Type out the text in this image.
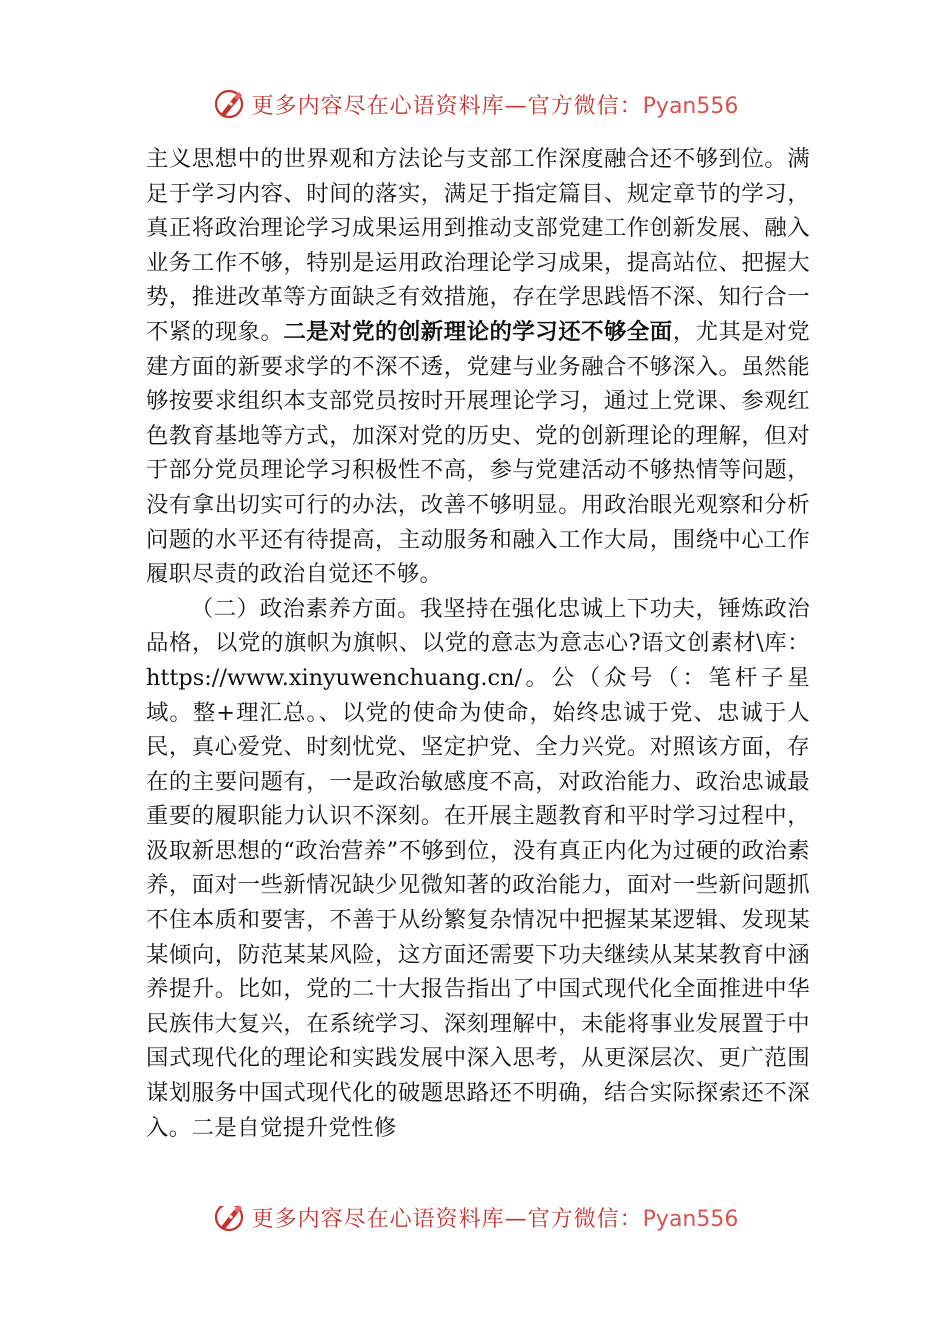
更多内容尽在心语资料库—官方微信：Pyan556

主义思想中的世界观和方法论与支部工作深度融合还不够到位。满足于学习内容、时间的落实，满足于指定篇目、规定章节的学习，真正将政治理论学习成果运用到推动支部党建工作创新发展、融入业务工作不够，特别是运用政治理论学习成果，提高站位、把握大势，推进改革等方面缺乏有效措施，存在学思践悟不深、知行合一不紧的现象。二是对党的创新理论的学习还不够全面，尤其是对党建方面的新要求学的不深不透，党建与业务融合不够深入。虽然能够按要求组织本支部党员按时开展理论学习，通过上党课、参观红色教育基地等方式，加深对党的历史、党的创新理论的理解，但对于部分党员理论学习积极性不高，参与党建活动不够热情等问题，没有拿出切实可行的办法，改善不够明显。用政治眼光观察和分析问题的水平还有待提高，主动服务和融入工作大局，围绕中心工作履职尽责的政治自觉还不够。

（二）政治素养方面。我坚持在强化忠诚上下功夫，锤炼政治品格，以党的旗帜为旗帜、以党的意志为意志心?语文创素材\库：https://www.xinyuwenchuang.cn/。公（众号（：笔杆子星域。整+理汇总。、以党的使命为使命，始终忠诚于党、忠诚于人民，真心爱党、时刻忧党、坚定护党、全力兴党。对照该方面，存在的主要问题有，一是政治敏感度不高，对政治能力、政治忠诚最重要的履职能力认识不深刻。在开展主题教育和平时学习过程中，汲取新思想的“政治营养”不够到位，没有真正内化为过硬的政治素养，面对一些新情况缺少见微知著的政治能力，面对一些新问题抓不住本质和要害，不善于从纷繁复杂情况中把握某某逻辑、发现某某倾向，防范某某风险，这方面还需要下功夫继续从某某教育中涵养提升。比如，党的二十大报告指出了中国式现代化全面推进中华民族伟大复兴，在系统学习、深刻理解中，未能将事业发展置于中国式现代化的理论和实践发展中深入思考，从更深层次、更广范围谋划服务中国式现代化的破题思路还不明确，结合实际探索还不深入。二是自觉提升党性修

更多内容尽在心语资料库—官方微信：Pyan556
